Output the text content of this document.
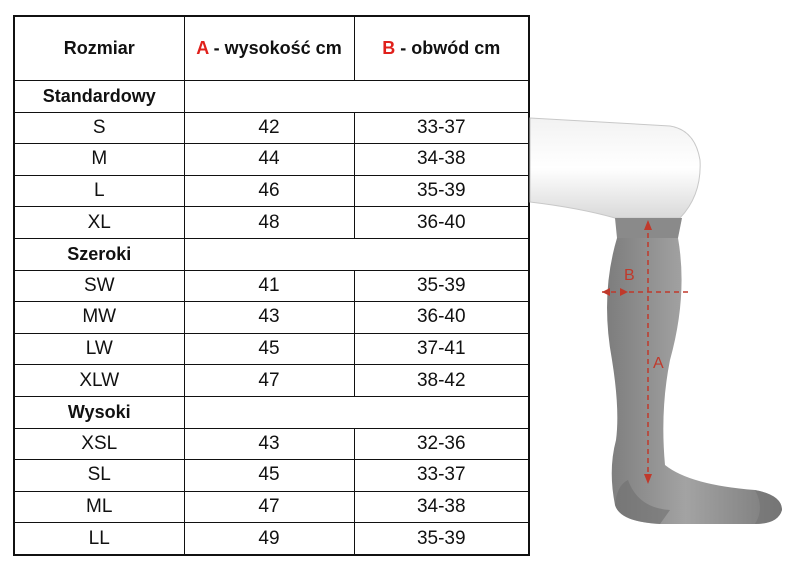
Rozmiar	A - wysokość cm	B - obwód cm
Standardowy		
S	42	33-37
M	44	34-38
L	46	35-39
XL	48	36-40
Szeroki		
SW	41	35-39
MW	43	36-40
LW	45	37-41
XLW	47	38-42
Wysoki		
XSL	43	32-36
SL	45	33-37
ML	47	34-38
LL	49	35-39
B
A
